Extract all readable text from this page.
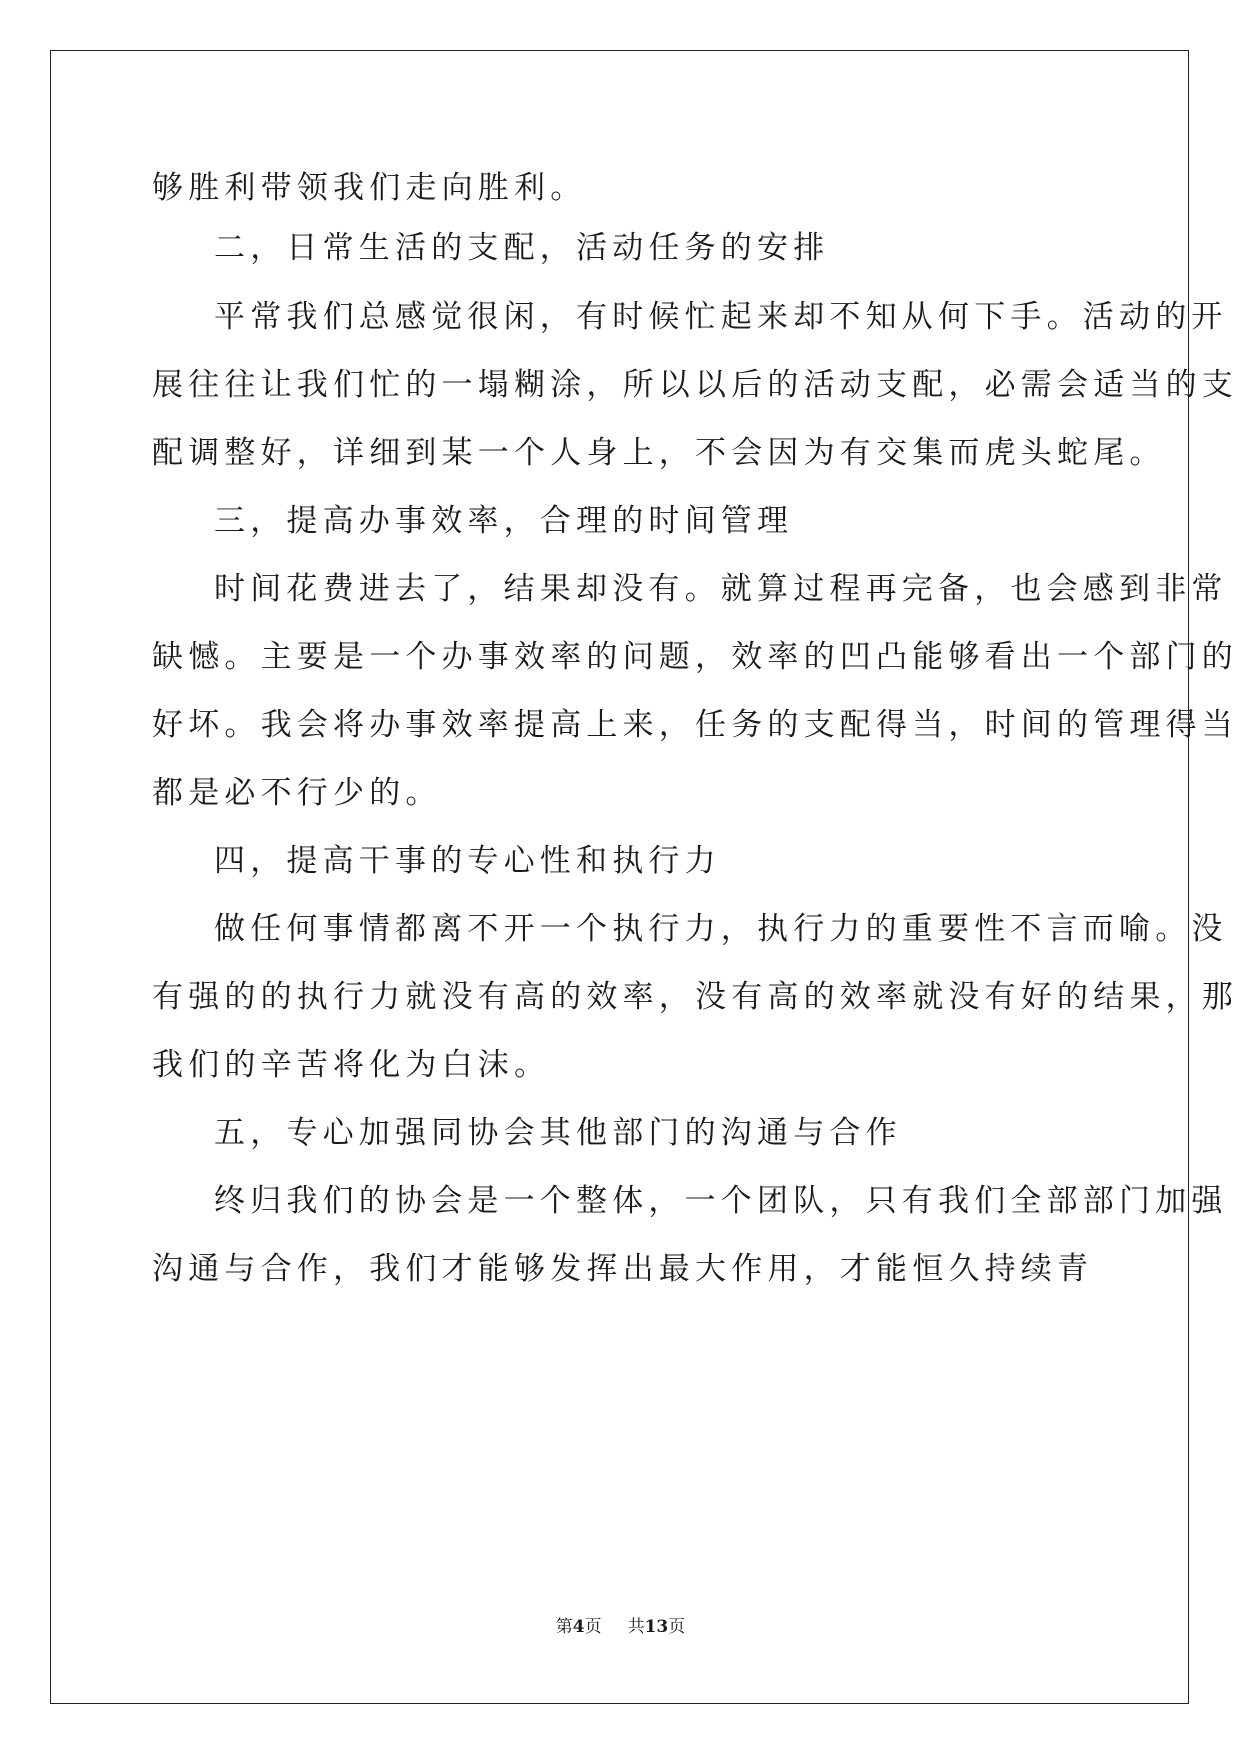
够胜利带领我们走向胜利。
二，日常生活的支配，活动任务的安排
平常我们总感觉很闲，有时候忙起来却不知从何下手。活动的开
展往往让我们忙的一塌糊涂，所以以后的活动支配，必需会适当的支
配调整好，详细到某一个人身上，不会因为有交集而虎头蛇尾。
三，提高办事效率，合理的时间管理
时间花费进去了，结果却没有。就算过程再完备，也会感到非常
缺憾。主要是一个办事效率的问题，效率的凹凸能够看出一个部门的
好坏。我会将办事效率提高上来，任务的支配得当，时间的管理得当
都是必不行少的。
四，提高干事的专心性和执行力
做任何事情都离不开一个执行力，执行力的重要性不言而喻。没
有强的的执行力就没有高的效率，没有高的效率就没有好的结果，那
我们的辛苦将化为白沫。
五，专心加强同协会其他部门的沟通与合作
终归我们的协会是一个整体，一个团队，只有我们全部部门加强
沟通与合作，我们才能够发挥出最大作用，才能恒久持续青
第4页 共13页
